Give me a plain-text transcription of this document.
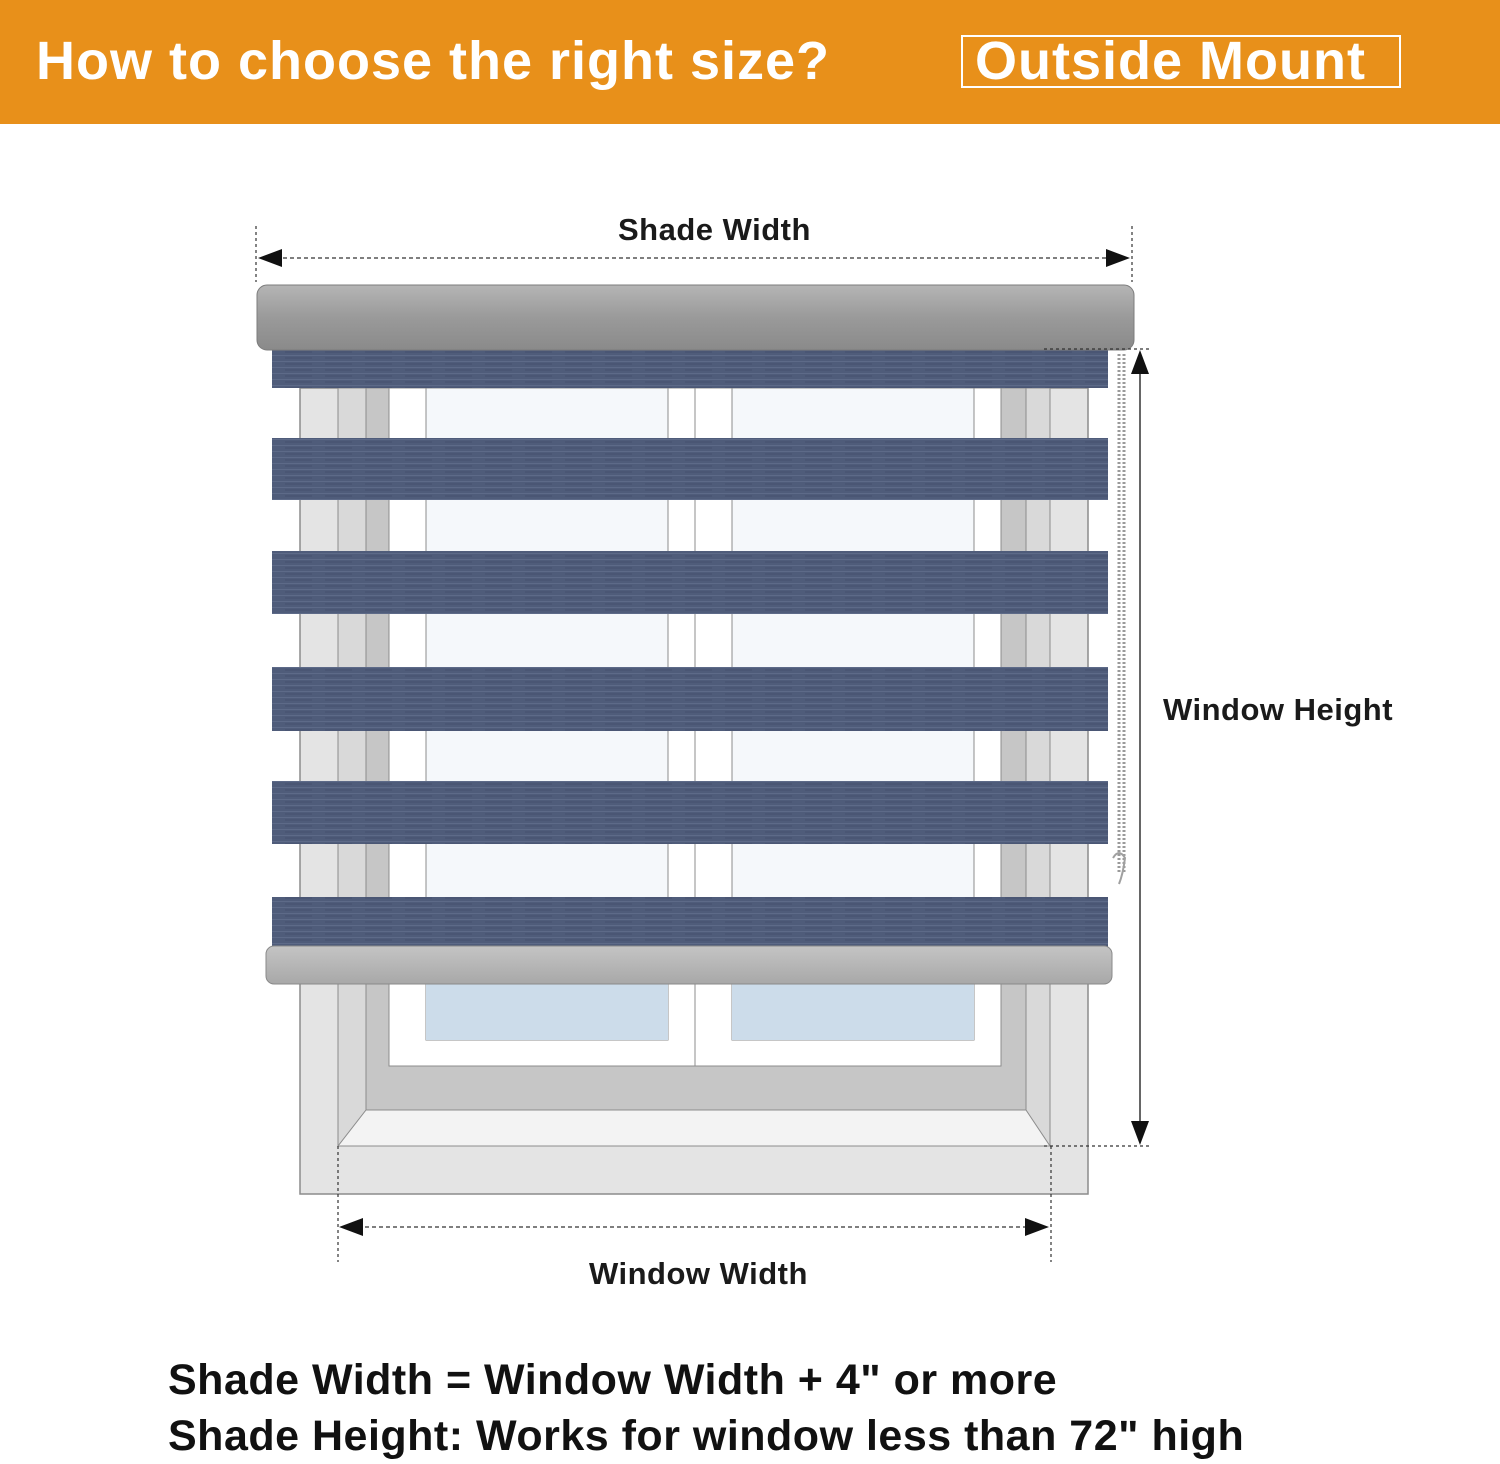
How to choose the right size?	Outside Mount
Shade Width
Window Height
Window Width
Shade Width = Window Width + 4" or more
Shade Height: Works for window less than 72" high
